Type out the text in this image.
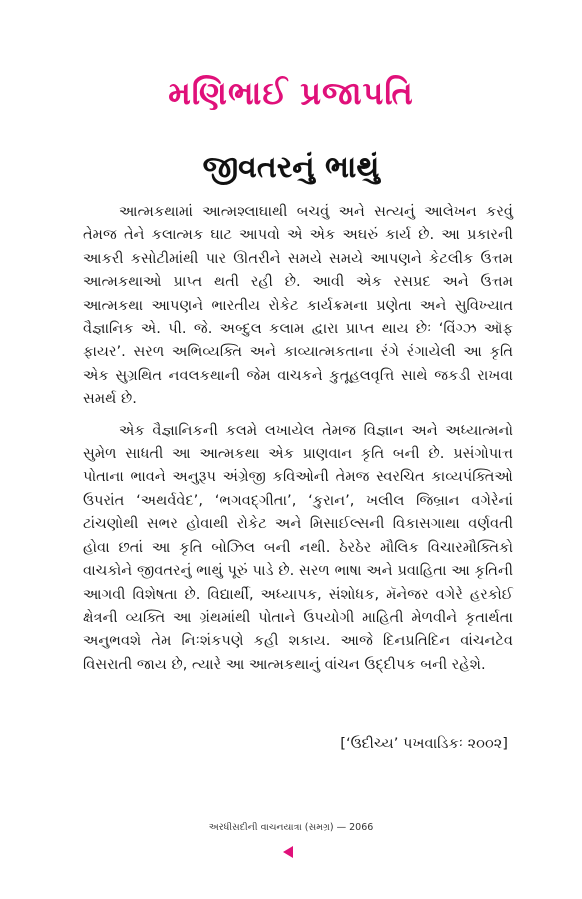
મણિભાઈ પ્રજાપતિ
જીવતરનું ભાથું

આત્મકથામાં આત્મશ્લાઘાથી બચવું અને સત્યનું આલેખન કરવું તેમજ તેને કલાત્મક ઘાટ આપવો એ એક અઘરું કાર્ય છે. આ પ્રકારની આકરી કસોટીમાંથી પાર ઊતરીને સમયે સમયે આપણને કેટલીક ઉત્તમ આત્મકથાઓ પ્રાપ્ત થતી રહી છે. આવી એક રસપ્રદ અને ઉત્તમ આત્મકથા આપણને ભારતીય રોકેટ કાર્યક્રમના પ્રણેતા અને સુવિખ્યાત વૈજ્ઞાનિક એ. પી. જે. અબ્દુલ કલામ દ્વારા પ્રાપ્ત થાય છેઃ ‘વિંગ્ઝ ઑફ ફાયર’. સરળ અભિવ્યક્તિ અને કાવ્યાત્મકતાના રંગે રંગાયેલી આ કૃતિ એક સુગ્રથિત નવલકથાની જેમ વાચકને કુતૂહલવૃત્તિ સાથે જકડી રાખવા સમર્થ છે.

એક વૈજ્ઞાનિકની કલમે લખાયેલ તેમજ વિજ્ઞાન અને અધ્યાત્મનો સુમેળ સાધતી આ આત્મકથા એક પ્રાણવાન કૃતિ બની છે. પ્રસંગોપાત્ત પોતાના ભાવને અનુરૂપ અંગ્રેજી કવિઓની તેમજ સ્વરચિત કાવ્યપંક્તિઓ ઉપરાંત ‘અથર્વવેદ’, ‘ભગવદ્ગીતા’, ‘કુરાન’, ખલીલ જિબ્રાન વગેરેનાં ટાંચણોથી સભર હોવાથી રોકેટ અને મિસાઈલ્સની વિકાસગાથા વર્ણવતી હોવા છતાં આ કૃતિ બોઝિલ બની નથી. ઠેરઠેર મૌલિક વિચારમૌક્તિકો વાચકોને જીવતરનું ભાથું પૂરું પાડે છે. સરળ ભાષા અને પ્રવાહિતા આ કૃતિની આગવી વિશેષતા છે. વિદ્યાર્થી, અધ્યાપક, સંશોધક, મૅનેજર વગેરે હરકોઈ ક્ષેત્રની વ્યક્તિ આ ગ્રંથમાંથી પોતાને ઉપયોગી માહિતી મેળવીને કૃતાર્થતા અનુભવશે તેમ નિઃશંકપણે કહી શકાય. આજે દિનપ્રતિદિન વાંચનટેવ વિસરાતી જાય છે, ત્યારે આ આત્મકથાનું વાંચન ઉદ્દીપક બની રહેશે.

[‘ઉદીચ્ય’ પખવાડિકઃ ૨૦૦૨]
અરધીસદીની વાચનયાત્રા (સમગ્ર) — 2066
